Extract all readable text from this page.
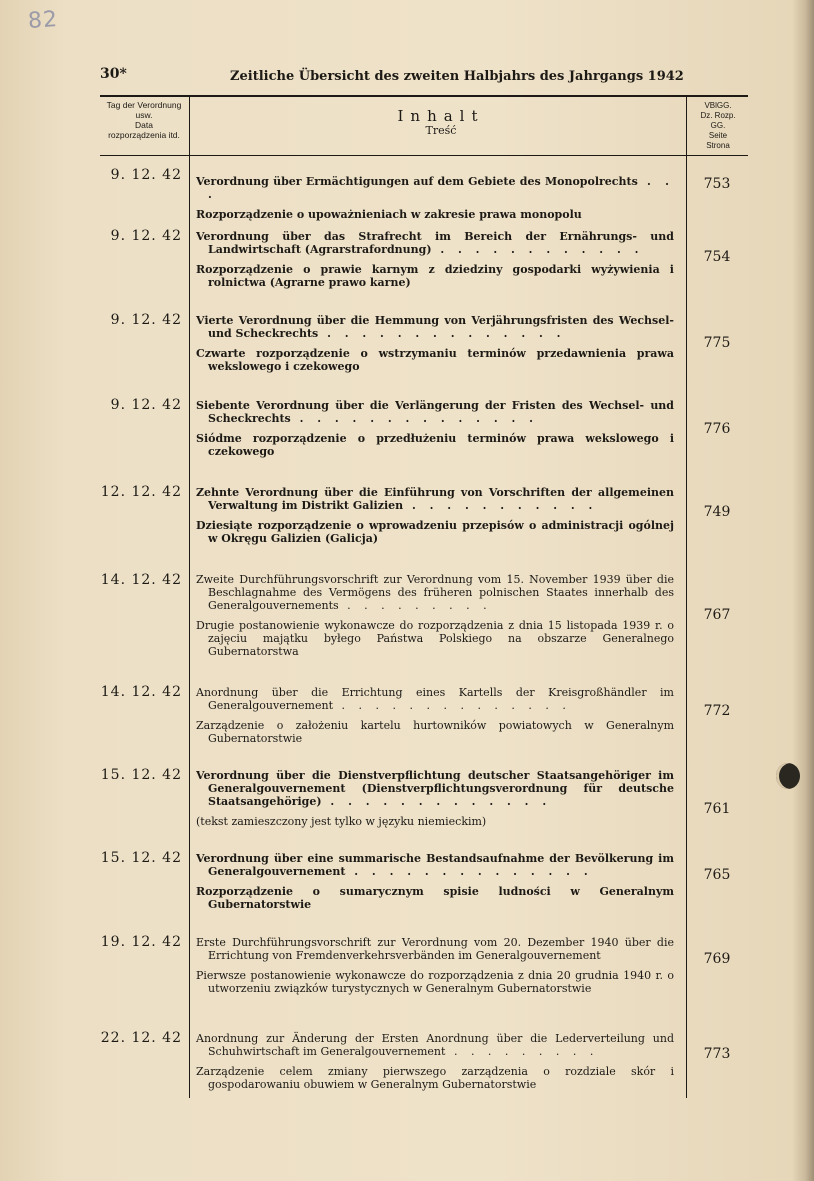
82
30*	Zeitliche Übersicht des zweiten Halbjahrs des Jahrgangs 1942
Tag der Verordnung
usw.
Data
rozporządzenia itd.
Inhalt
Treść
VBlGG.
Dz. Rozp.
GG.
Seite
Strona
9. 12. 42 Verordnung über Ermächtigungen auf dem Gebiete des Monopolrechts . . .
Rozporządzenie o upoważnieniach w zakresie prawa monopolu
753
9. 12. 42 Verordnung über das Strafrecht im Bereich der Ernährungs- und Landwirtschaft (Agrarstrafordnung) . . . . . . . . . . . .
Rozporządzenie o prawie karnym z dziedziny gospodarki wyżywienia i rolnictwa (Agrarne prawo karne)
754
9. 12. 42 Vierte Verordnung über die Hemmung von Verjährungsfristen des Wechsel- und Scheckrechts . . . . . . . . . . . . . .
Czwarte rozporządzenie o wstrzymaniu terminów przedawnienia prawa wekslowego i czekowego
775
9. 12. 42 Siebente Verordnung über die Verlängerung der Fristen des Wechsel- und Scheckrechts . . . . . . . . . . . . . .
Siódme rozporządzenie o przedłużeniu terminów prawa wekslowego i czekowego
776
12. 12. 42 Zehnte Verordnung über die Einführung von Vorschriften der allgemeinen Verwaltung im Distrikt Galizien . . . . . . . . . . .
Dziesiąte rozporządzenie o wprowadzeniu przepisów o administracji ogólnej w Okręgu Galizien (Galicja)
749
14. 12. 42 Zweite Durchführungsvorschrift zur Verordnung vom 15. November 1939 über die Beschlagnahme des Vermögens des früheren polnischen Staates innerhalb des Generalgouvernements . . . . . . . . .
Drugie postanowienie wykonawcze do rozporządzenia z dnia 15 listopada 1939 r. o zajęciu majątku byłego Państwa Polskiego na obszarze Generalnego Gubernatorstwa
767
14. 12. 42 Anordnung über die Errichtung eines Kartells der Kreisgroßhändler im Generalgouvernement . . . . . . . . . . . . . .
Zarządzenie o założeniu kartelu hurtowników powiatowych w Generalnym Gubernatorstwie
772
15. 12. 42 Verordnung über die Dienstverpflichtung deutscher Staatsangehöriger im Generalgouvernement (Dienstverpflichtungsverordnung für deutsche Staatsangehörige) . . . . . . . . . . . . .
(tekst zamieszczony jest tylko w języku niemieckim)
761
15. 12. 42 Verordnung über eine summarische Bestandsaufnahme der Bevölkerung im Generalgouvernement . . . . . . . . . . . . . .
Rozporządzenie o sumarycznym spisie ludności w Generalnym Gubernatorstwie
765
19. 12. 42 Erste Durchführungsvorschrift zur Verordnung vom 20. Dezember 1940 über die Errichtung von Fremdenverkehrsverbänden im Generalgouvernement
Pierwsze postanowienie wykonawcze do rozporządzenia z dnia 20 grudnia 1940 r. o utworzeniu związków turystycznych w Generalnym Gubernatorstwie
769
22. 12. 42 Anordnung zur Änderung der Ersten Anordnung über die Lederverteilung und Schuhwirtschaft im Generalgouvernement . . . . . . . . .
Zarządzenie celem zmiany pierwszego zarządzenia o rozdziale skór i gospodarowaniu obuwiem w Generalnym Gubernatorstwie
773
